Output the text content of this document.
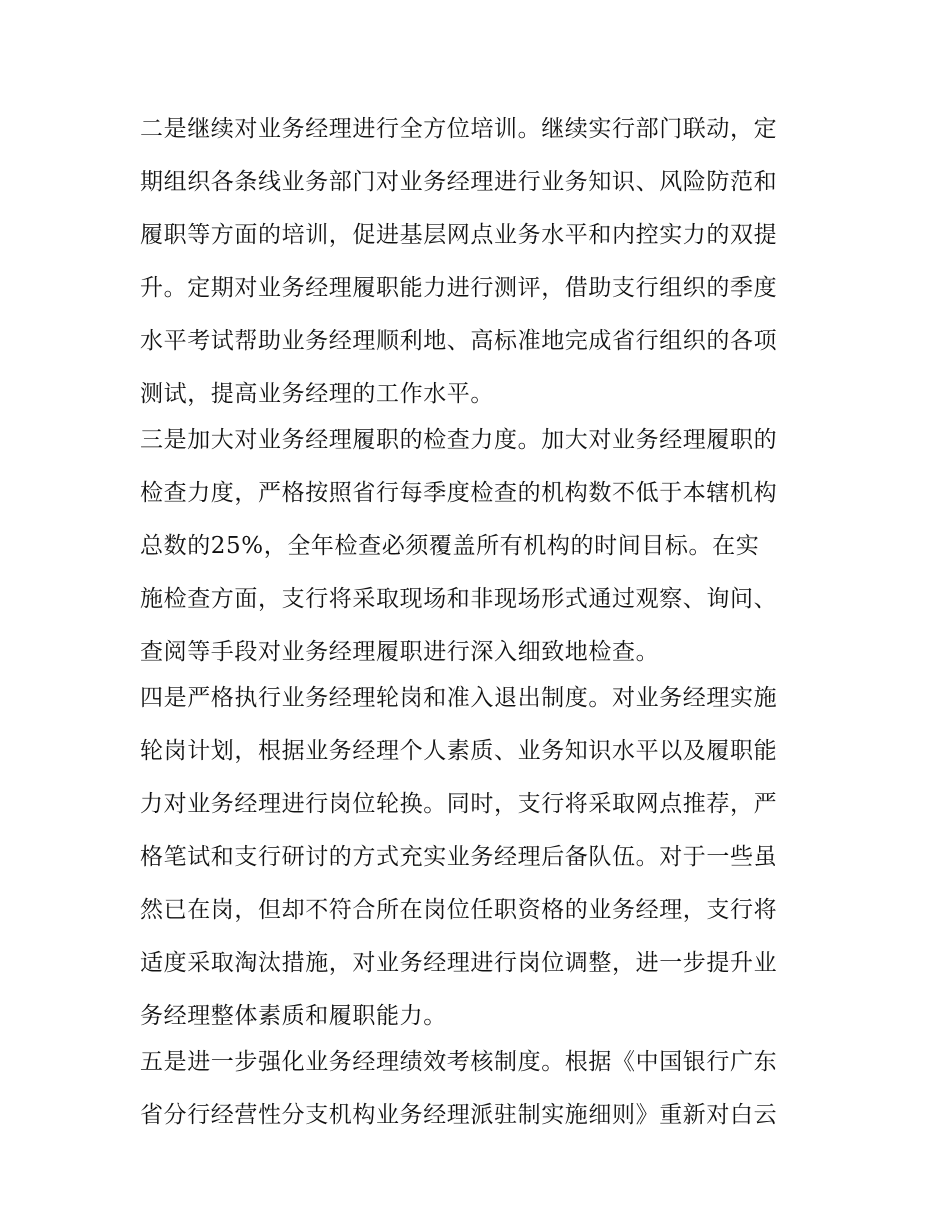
二是继续对业务经理进行全方位培训。继续实行部门联动，定
期组织各条线业务部门对业务经理进行业务知识、风险防范和
履职等方面的培训，促进基层网点业务水平和内控实力的双提
升。定期对业务经理履职能力进行测评，借助支行组织的季度
水平考试帮助业务经理顺利地、高标准地完成省行组织的各项
测试，提高业务经理的工作水平。
三是加大对业务经理履职的检查力度。加大对业务经理履职的
检查力度，严格按照省行每季度检查的机构数不低于本辖机构
总数的25%，全年检查必须覆盖所有机构的时间目标。在实
施检查方面，支行将采取现场和非现场形式通过观察、询问、
查阅等手段对业务经理履职进行深入细致地检查。
四是严格执行业务经理轮岗和准入退出制度。对业务经理实施
轮岗计划，根据业务经理个人素质、业务知识水平以及履职能
力对业务经理进行岗位轮换。同时，支行将采取网点推荐，严
格笔试和支行研讨的方式充实业务经理后备队伍。对于一些虽
然已在岗，但却不符合所在岗位任职资格的业务经理，支行将
适度采取淘汰措施，对业务经理进行岗位调整，进一步提升业
务经理整体素质和履职能力。
五是进一步强化业务经理绩效考核制度。根据《中国银行广东
省分行经营性分支机构业务经理派驻制实施细则》重新对白云
